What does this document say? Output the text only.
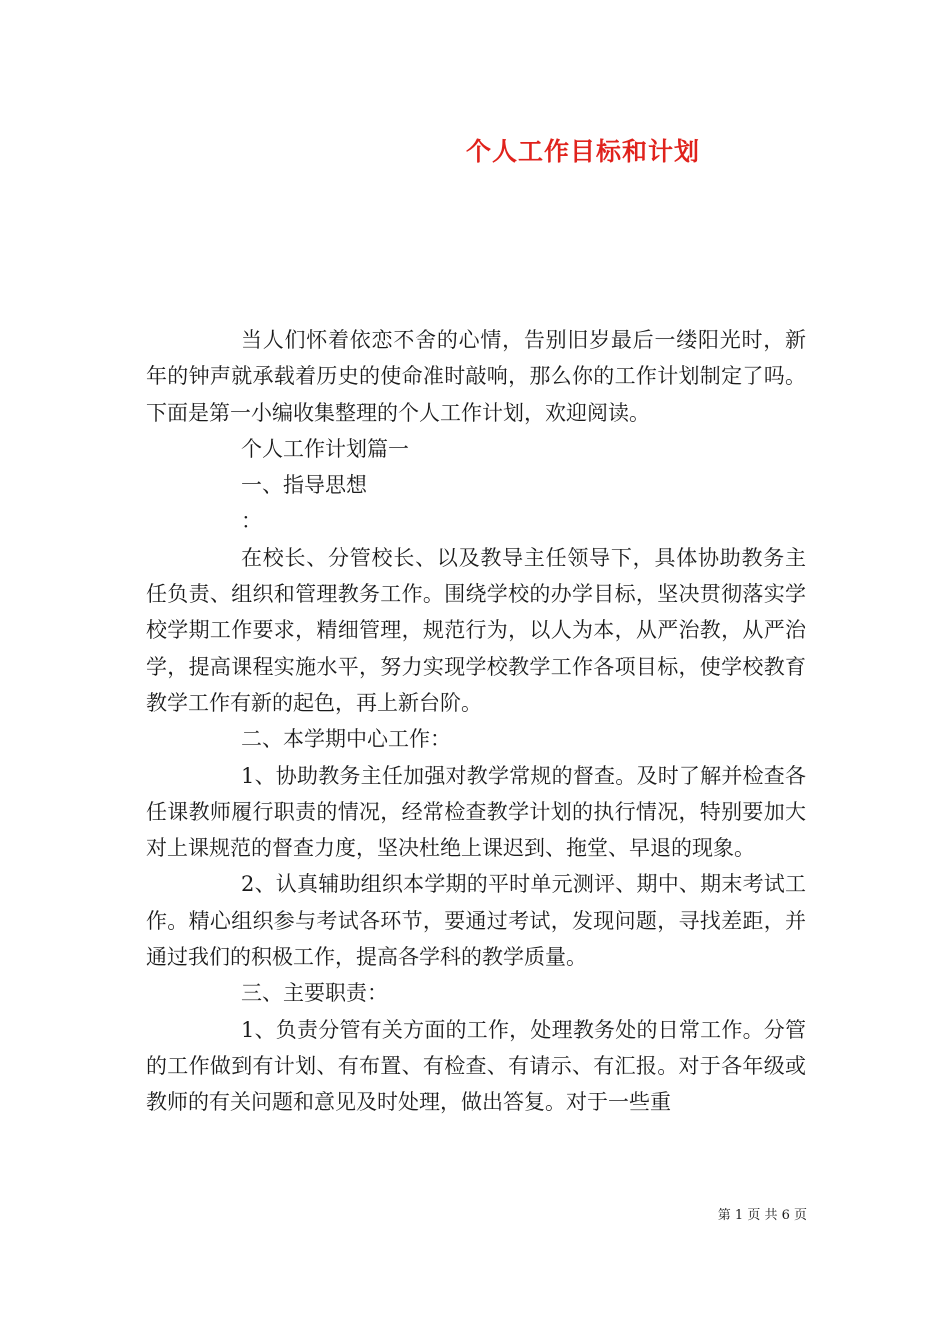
个人工作目标和计划

当人们怀着依恋不舍的心情，告别旧岁最后一缕阳光时，新年的钟声就承载着历史的使命准时敲响，那么你的工作计划制定了吗。下面是第一小编收集整理的个人工作计划，欢迎阅读。

个人工作计划篇一

一、指导思想

：

在校长、分管校长、以及教导主任领导下，具体协助教务主任负责、组织和管理教务工作。围绕学校的办学目标，坚决贯彻落实学校学期工作要求，精细管理，规范行为，以人为本，从严治教，从严治学，提高课程实施水平，努力实现学校教学工作各项目标，使学校教育教学工作有新的起色，再上新台阶。

二、本学期中心工作：

1、协助教务主任加强对教学常规的督查。及时了解并检查各任课教师履行职责的情况，经常检查教学计划的执行情况，特别要加大对上课规范的督查力度，坚决杜绝上课迟到、拖堂、早退的现象。

2、认真辅助组织本学期的平时单元测评、期中、期末考试工作。精心组织参与考试各环节，要通过考试，发现问题，寻找差距，并通过我们的积极工作，提高各学科的教学质量。

三、主要职责：

1、负责分管有关方面的工作，处理教务处的日常工作。分管的工作做到有计划、有布置、有检查、有请示、有汇报。对于各年级或教师的有关问题和意见及时处理，做出答复。对于一些重

第 1 页 共 6 页
